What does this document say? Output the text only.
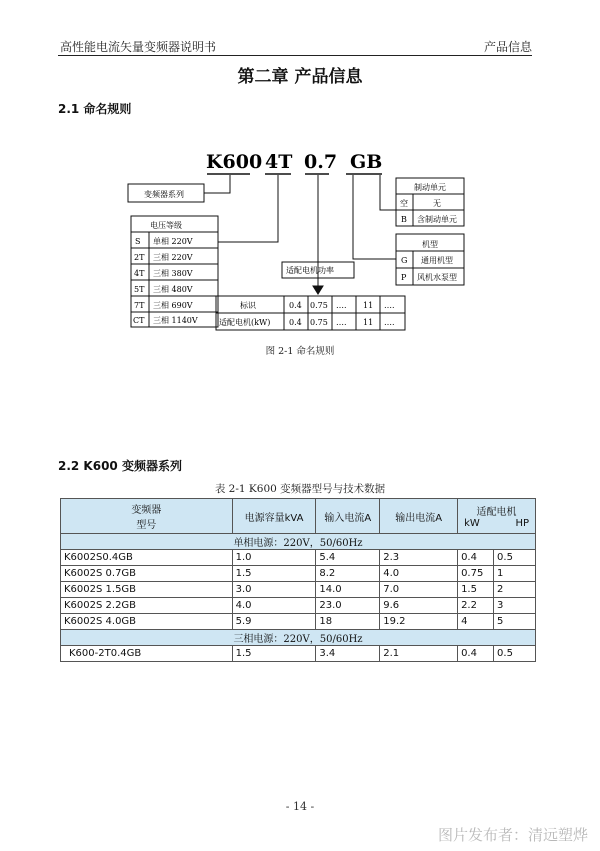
高性能电流矢量变频器说明书	产品信息
第二章 产品信息
2.1 命名规则
K600 4T 0.7 GB
变频器系列
电压等级
S 单相 220V
2T 三相 220V
4T 三相 380V
5T 三相 480V
7T 三相 690V
CT 三相 1140V
适配电机功率
标识	0.4 0.75 …. 11 ….
适配电机(kW) 0.4 0.75 …. 11 ….
制动单元
空	无
B 含制动单元
机型
G 通用机型
P 风机水泵型
图 2-1 命名规则
2.2 K600 变频器系列
表 2-1 K600 变频器型号与技术数据
变频器
型号	电源容量kVA	输入电流A	输出电流A	适配电机
kW HP	

单相电源：220V，50/60Hz					
K6002S0.4GB	1.0	5.4	2.3	0.4	0.5
K6002S 0.7GB	1.5	8.2	4.0	0.75	1
K6002S 1.5GB	3.0	14.0	7.0	1.5	2
K6002S 2.2GB	4.0	23.0	9.6	2.2	3
K6002S 4.0GB	5.9	18	19.2	4	5
三相电源：220V，50/60Hz					
K600-2T0.4GB	1.5	3.4	2.1	0.4	0.5
- 14 -
图片发布者：清远塑烨
